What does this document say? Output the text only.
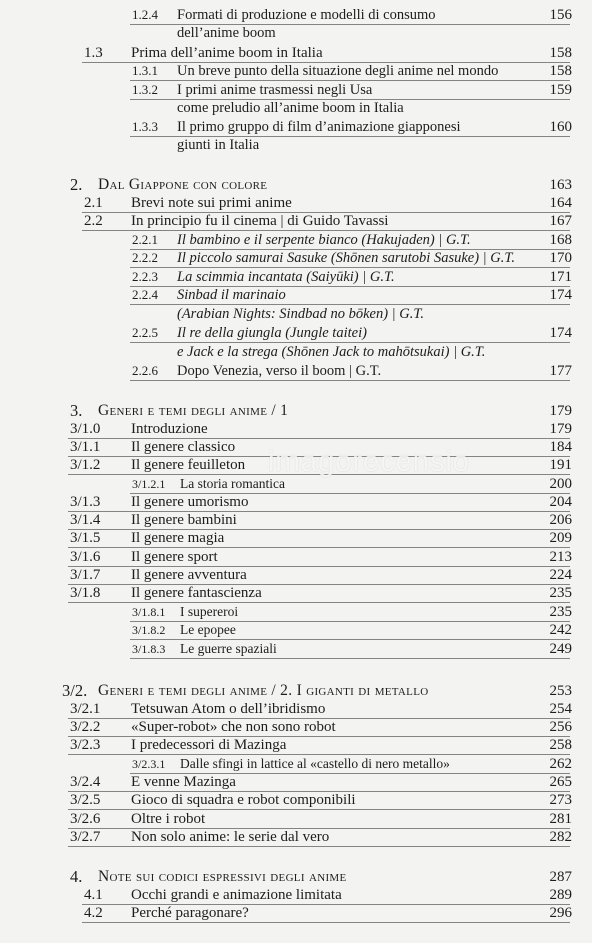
1.2.4 Formati di produzione e modelli di consumo	156
dell’anime boom
1.3 Prima dell’anime boom in Italia	158
1.3.1 Un breve punto della situazione degli anime nel mondo	158
1.3.2 I primi anime trasmessi negli Usa	159
come preludio all’anime boom in Italia
1.3.3 Il primo gruppo di film d’animazione giapponesi	160
giunti in Italia
2. Dal Giappone con colore	163
2.1 Brevi note sui primi anime	164
2.2 In principio fu il cinema | di Guido Tavassi	167
2.2.1 Il bambino e il serpente bianco (Hakujaden) | G.T.	168
2.2.2 Il piccolo samurai Sasuke (Shōnen sarutobi Sasuke) | G.T. 170
2.2.3 La scimmia incantata (Saiyūki) | G.T.	171
2.2.4 Sinbad il marinaio	174
(Arabian Nights: Sindbad no bōken) | G.T.
2.2.5 Il re della giungla (Jungle taitei)	174
e Jack e la strega (Shōnen Jack to mahōtsukai) | G.T.
2.2.6 Dopo Venezia, verso il boom | G.T.	177
3. Generi e temi degli anime / 1	179
3/1.0 Introduzione	179
3/1.1 Il genere classico	184
3/1.2 Il genere feuilleton	191
3/1.2.1 La storia romantica	200
3/1.3 Il genere umorismo	204
3/1.4 Il genere bambini	206
3/1.5 Il genere magia	209
3/1.6 Il genere sport	213
3/1.7 Il genere avventura	224
3/1.8 Il genere fantascienza	235
3/1.8.1 I supereroi	235
3/1.8.2 Le epopee	242
3/1.8.3 Le guerre spaziali	249
3/2. Generi e temi degli anime / 2. I giganti di metallo	253
3/2.1 Tetsuwan Atom o dell’ibridismo	254
3/2.2 «Super-robot» che non sono robot	256
3/2.3 I predecessori di Mazinga	258
3/2.3.1 Dalle sfingi in lattice al «castello di nero metallo»	262
3/2.4 E venne Mazinga	265
3/2.5 Gioco di squadra e robot componibili	273
3/2.6 Oltre i robot	281
3/2.7 Non solo anime: le serie dal vero	282
4. Note sui codici espressivi degli anime	287
4.1 Occhi grandi e animazione limitata	289
4.2 Perché paragonare?	296
imagorecensio
